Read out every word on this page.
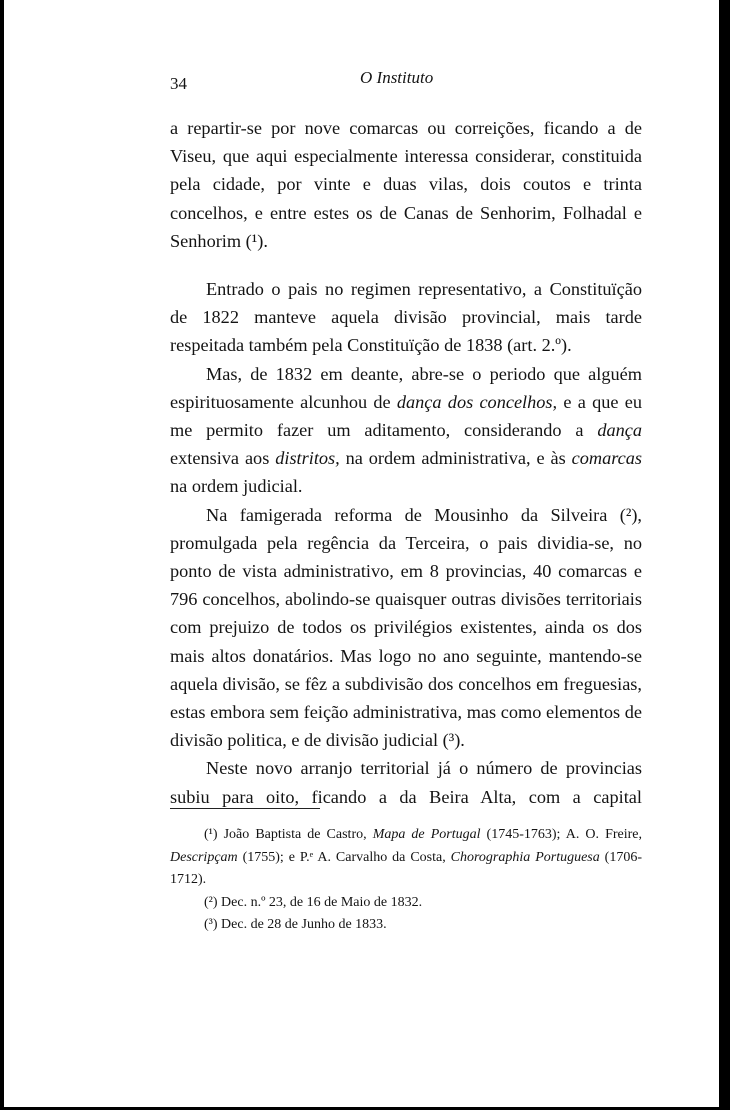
34	O Instituto

a repartir-se por nove comarcas ou correições, ficando a de Viseu, que aqui especialmente interessa considerar, constituida pela cidade, por vinte e duas vilas, dois coutos e trinta concelhos, e entre estes os de Canas de Senhorim, Folhadal e Senhorim (¹).

Entrado o pais no regimen representativo, a Constituïção de 1822 manteve aquela divisão provincial, mais tarde respeitada também pela Constituïção de 1838 (art. 2.º).

Mas, de 1832 em deante, abre-se o periodo que alguém espirituosamente alcunhou de dança dos concelhos, e a que eu me permito fazer um aditamento, considerando a dança extensiva aos distritos, na ordem administrativa, e às comarcas na ordem judicial.

Na famigerada reforma de Mousinho da Silveira (²), promulgada pela regência da Terceira, o pais dividia-se, no ponto de vista administrativo, em 8 provincias, 40 comarcas e 796 concelhos, abolindo-se quaisquer outras divisões territoriais com prejuizo de todos os privilégios existentes, ainda os dos mais altos donatários. Mas logo no ano seguinte, mantendo-se aquela divisão, se fêz a subdivisão dos concelhos em freguesias, estas embora sem feição administrativa, mas como elementos de divisão politica, e de divisão judicial (³).

Neste novo arranjo territorial já o número de provincias subiu para oito, ficando a da Beira Alta, com a capital

(¹) João Baptista de Castro, Mapa de Portugal (1745-1763); A. O. Freire, Descripçam (1755); e P.ᵉ A. Carvalho da Costa, Chorographia Portuguesa (1706-1712).

(²) Dec. n.º 23, de 16 de Maio de 1832.

(³) Dec. de 28 de Junho de 1833.
